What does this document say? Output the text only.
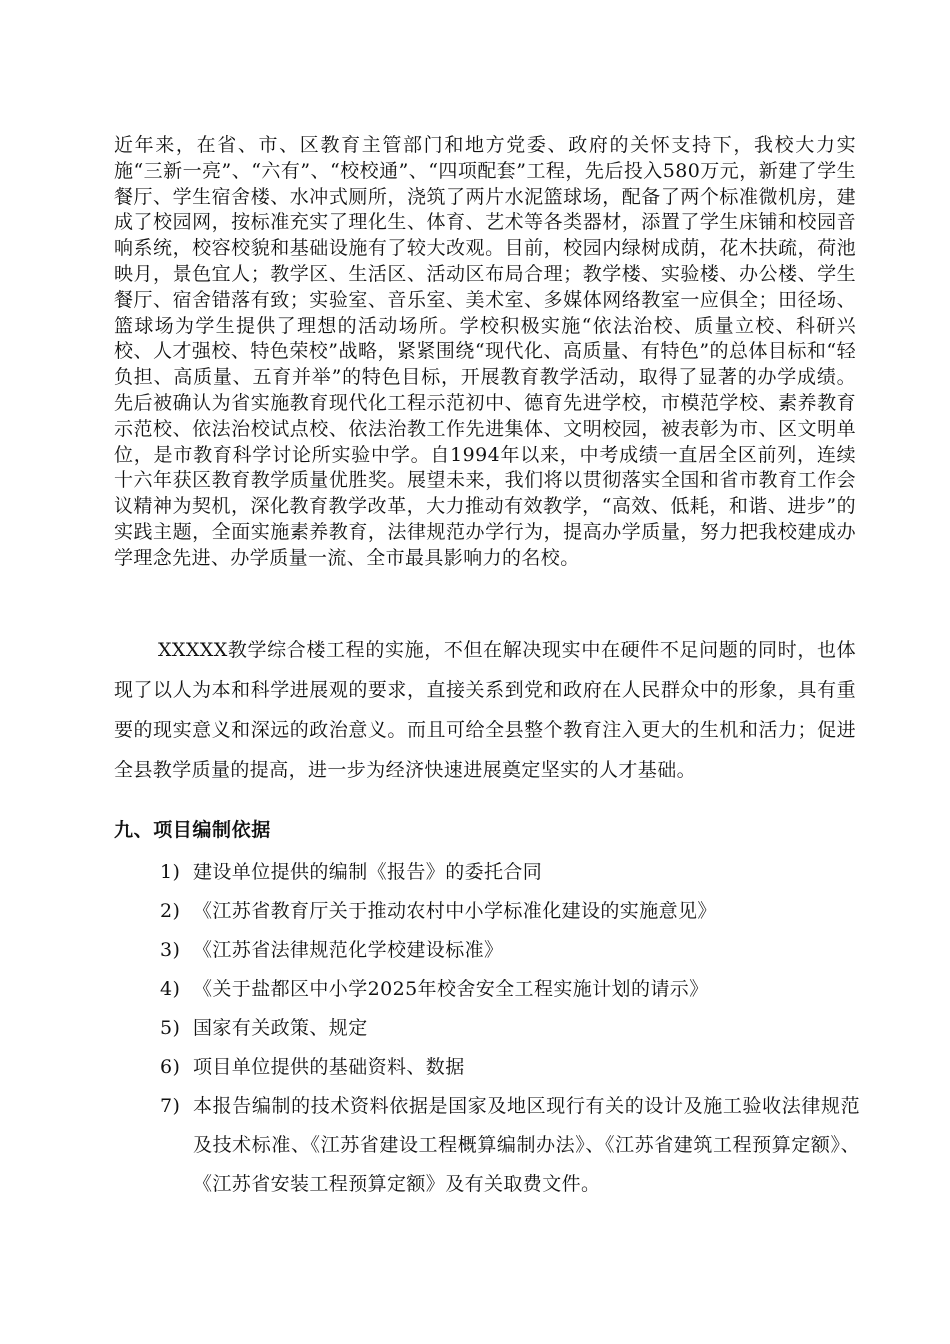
近年来，在省、市、区教育主管部门和地方党委、政府的关怀支持下，我校大力实施“三新一亮”、“六有”、“校校通”、“四项配套”工程，先后投入580万元，新建了学生餐厅、学生宿舍楼、水冲式厕所，浇筑了两片水泥篮球场，配备了两个标准微机房，建成了校园网，按标准充实了理化生、体育、艺术等各类器材，添置了学生床铺和校园音响系统，校容校貌和基础设施有了较大改观。目前，校园内绿树成荫，花木扶疏，荷池映月，景色宜人；教学区、生活区、活动区布局合理；教学楼、实验楼、办公楼、学生餐厅、宿舍错落有致；实验室、音乐室、美术室、多媒体网络教室一应俱全；田径场、篮球场为学生提供了理想的活动场所。学校积极实施“依法治校、质量立校、科研兴校、人才强校、特色荣校”战略，紧紧围绕“现代化、高质量、有特色”的总体目标和“轻负担、高质量、五育并举”的特色目标，开展教育教学活动，取得了显著的办学成绩。先后被确认为省实施教育现代化工程示范初中、德育先进学校，市模范学校、素养教育示范校、依法治校试点校、依法治教工作先进集体、文明校园，被表彰为市、区文明单位，是市教育科学讨论所实验中学。自1994年以来，中考成绩一直居全区前列，连续十六年获区教育教学质量优胜奖。展望未来，我们将以贯彻落实全国和省市教育工作会议精神为契机，深化教育教学改革，大力推动有效教学，“高效、低耗，和谐、进步”的实践主题，全面实施素养教育，法律规范办学行为，提高办学质量，努力把我校建成办学理念先进、办学质量一流、全市最具影响力的名校。

XXXXX教学综合楼工程的实施，不但在解决现实中在硬件不足问题的同时，也体现了以人为本和科学进展观的要求，直接关系到党和政府在人民群众中的形象，具有重要的现实意义和深远的政治意义。而且可给全县整个教育注入更大的生机和活力；促进全县教学质量的提高，进一步为经济快速进展奠定坚实的人才基础。

九、项目编制依据
1) 建设单位提供的编制《报告》的委托合同
2) 《江苏省教育厅关于推动农村中小学标准化建设的实施意见》
3) 《江苏省法律规范化学校建设标准》
4) 《关于盐都区中小学2025年校舍安全工程实施计划的请示》
5) 国家有关政策、规定
6) 项目单位提供的基础资料、数据
7) 本报告编制的技术资料依据是国家及地区现行有关的设计及施工验收法律规范及技术标准、《江苏省建设工程概算编制办法》、《江苏省建筑工程预算定额》、《江苏省安装工程预算定额》及有关取费文件。
